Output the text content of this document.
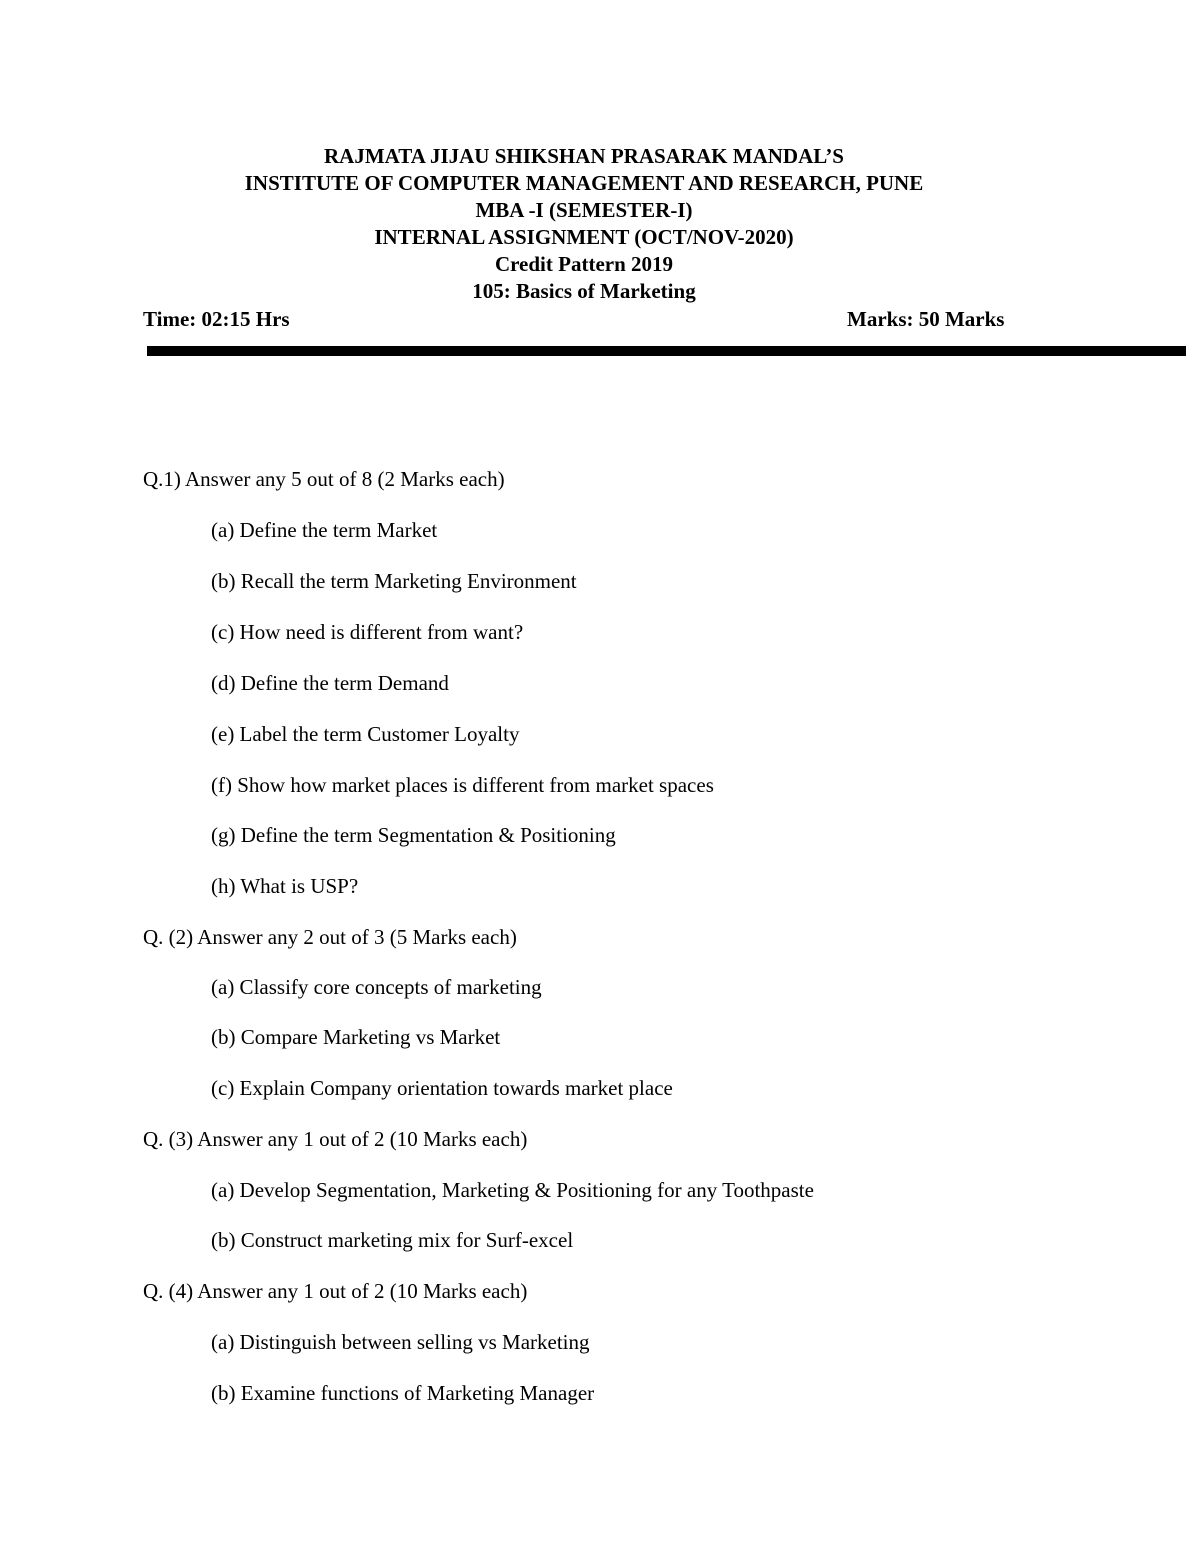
RAJMATA JIJAU SHIKSHAN PRASARAK MANDAL’S
INSTITUTE OF COMPUTER MANAGEMENT AND RESEARCH, PUNE
MBA -I (SEMESTER-I)
INTERNAL ASSIGNMENT (OCT/NOV-2020)
Credit Pattern 2019
105: Basics of Marketing
Time: 02:15 Hrs	Marks: 50 Marks
Q.1) Answer any 5 out of 8 (2 Marks each)
(a) Define the term Market
(b) Recall the term Marketing Environment
(c) How need is different from want?
(d) Define the term Demand
(e) Label the term Customer Loyalty
(f) Show how market places is different from market spaces
(g) Define the term Segmentation & Positioning
(h) What is USP?
Q. (2) Answer any 2 out of 3 (5 Marks each)
(a) Classify core concepts of marketing
(b) Compare Marketing vs Market
(c) Explain Company orientation towards market place
Q. (3) Answer any 1 out of 2 (10 Marks each)
(a) Develop Segmentation, Marketing & Positioning for any Toothpaste
(b) Construct marketing mix for Surf-excel
Q. (4) Answer any 1 out of 2 (10 Marks each)
(a) Distinguish between selling vs Marketing
(b) Examine functions of Marketing Manager
